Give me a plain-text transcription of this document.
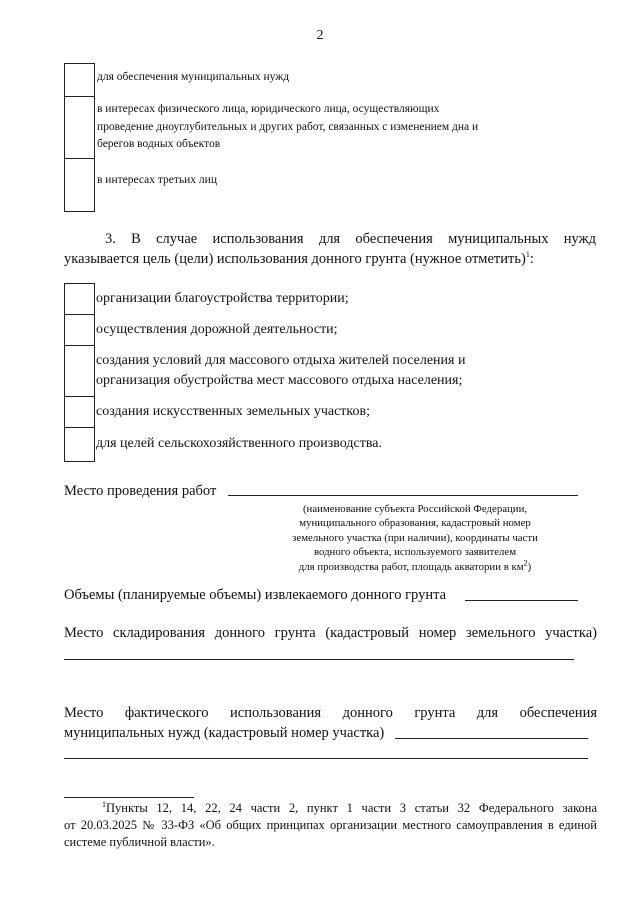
2
для обеспечения муниципальных нужд
в интересах физического лица, юридического лица, осуществляющих
проведение дноуглубительных и других работ, связанных с изменением дна и
берегов водных объектов
в интересах третьих лиц
3. В случае использования для обеспечения муниципальных нужд
указывается цель (цели) использования донного грунта (нужное отметить)$^1$:
организации благоустройства территории;
осуществления дорожной деятельности;
создания условий для массового отдыха жителей поселения и
организация обустройства мест массового отдыха населения;
создания искусственных земельных участков;
для целей сельскохозяйственного производства.
Место проведения работ
(наименование субъекта Российской Федерации,
муниципального образования, кадастровый номер
земельного участка (при наличии), координаты части
водного объекта, используемого заявителем
для производства работ, площадь акватории в $км^2$)
Объемы (планируемые объемы) извлекаемого донного грунта
Место складирования донного грунта (кадастровый номер земельного участка)
Место фактического использования донного грунта для обеспечения
муниципальных нужд (кадастровый номер участка)
$^1$Пункты 12, 14, 22, 24 части 2, пункт 1 части 3 статьи 32 Федерального закона
от 20.03.2025 № 33-ФЗ «Об общих принципах организации местного самоуправления в единой
системе публичной власти».
